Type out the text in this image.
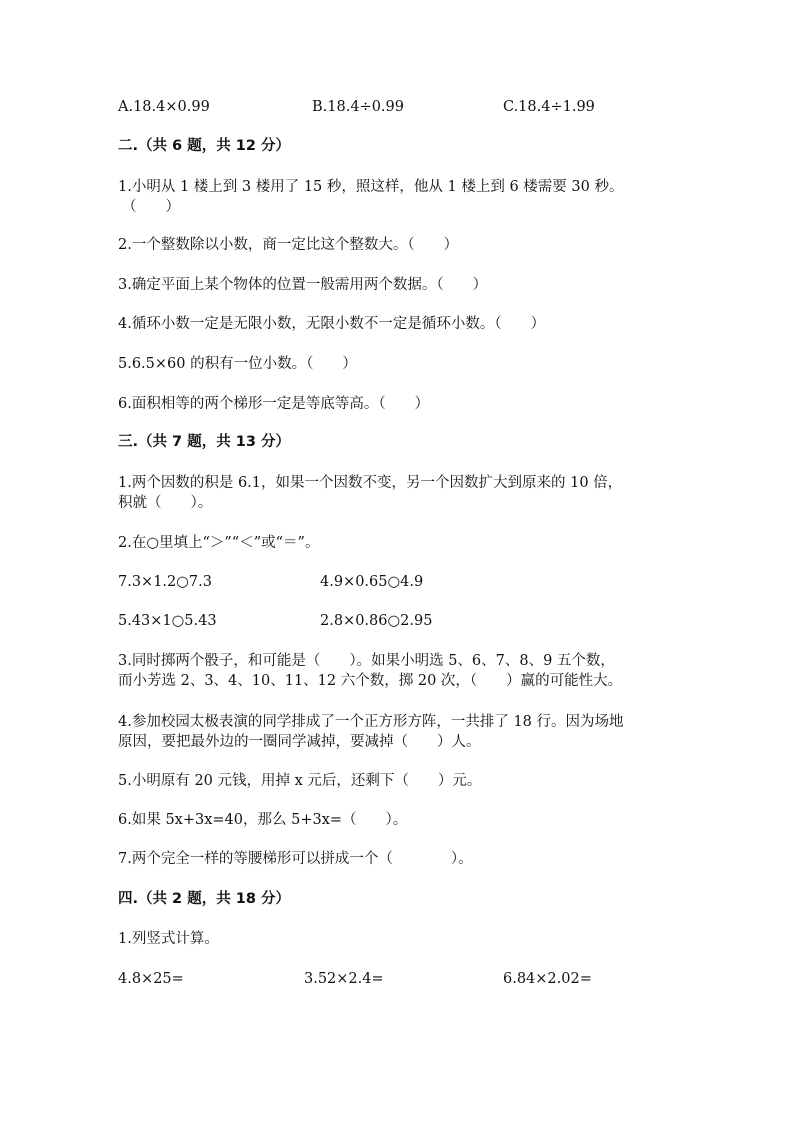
A.18.4×0.99	B.18.4÷0.99	C.18.4÷1.99
二.（共 6 题，共 12 分）
1.小明从 1 楼上到 3 楼用了 15 秒，照这样，他从 1 楼上到 6 楼需要 30 秒。
（　　）
2.一个整数除以小数，商一定比这个整数大。（　　）
3.确定平面上某个物体的位置一般需用两个数据。（　　）
4.循环小数一定是无限小数，无限小数不一定是循环小数。（　　）
5.6.5×60 的积有一位小数。（　　）
6.面积相等的两个梯形一定是等底等高。（　　）
三.（共 7 题，共 13 分）
1.两个因数的积是 6.1，如果一个因数不变，另一个因数扩大到原来的 10 倍，
积就（　　）。
2.在○里填上“＞”“＜”或“＝”。
7.3×1.2○7.3	4.9×0.65○4.9
5.43×1○5.43	2.8×0.86○2.95
3.同时掷两个骰子，和可能是（　　）。如果小明选 5、6、7、8、9 五个数，
而小芳选 2、3、4、10、11、12 六个数，掷 20 次，（　　）赢的可能性大。
4.参加校园太极表演的同学排成了一个正方形方阵，一共排了 18 行。因为场地
原因，要把最外边的一圈同学减掉，要减掉（　　）人。
5.小明原有 20 元钱，用掉 x 元后，还剩下（　　）元。
6.如果 5x+3x=40，那么 5+3x=（　　）。
7.两个完全一样的等腰梯形可以拼成一个（　　　　）。
四.（共 2 题，共 18 分）
1.列竖式计算。
4.8×25=	3.52×2.4=	6.84×2.02=
